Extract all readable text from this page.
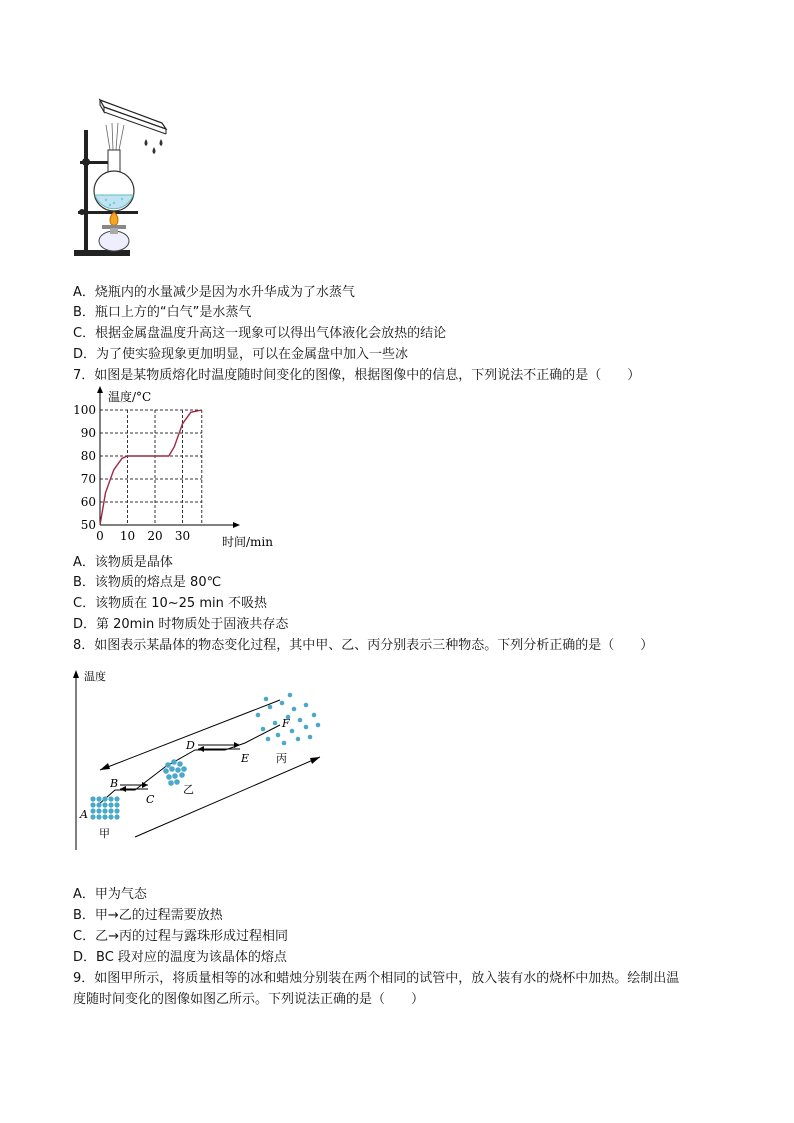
A．烧瓶内的水量减少是因为水升华成为了水蒸气
B．瓶口上方的“白气”是水蒸气
C．根据金属盘温度升高这一现象可以得出气体液化会放热的结论
D．为了使实验现象更加明显，可以在金属盘中加入一些冰
7．如图是某物质熔化时温度随时间变化的图像，根据图像中的信息，下列说法不正确的是（　　）
温度/°C
时间/min
50
60
70
80
90
100
0 10 20 30
A．该物质是晶体
B．该物质的熔点是 80℃
C．该物质在 10~25 min 不吸热
D．第 20min 时物质处于固液共存态
8．如图表示某晶体的物态变化过程，其中甲、乙、丙分别表示三种物态。下列分析正确的是（　　）
温度
A
B
C
D
E
F
甲
乙
丙
A．甲为气态
B．甲→乙的过程需要放热
C．乙→丙的过程与露珠形成过程相同
D．BC 段对应的温度为该晶体的熔点
9．如图甲所示，将质量相等的冰和蜡烛分别装在两个相同的试管中，放入装有水的烧杯中加热。绘制出温
度随时间变化的图像如图乙所示。下列说法正确的是（　　）
